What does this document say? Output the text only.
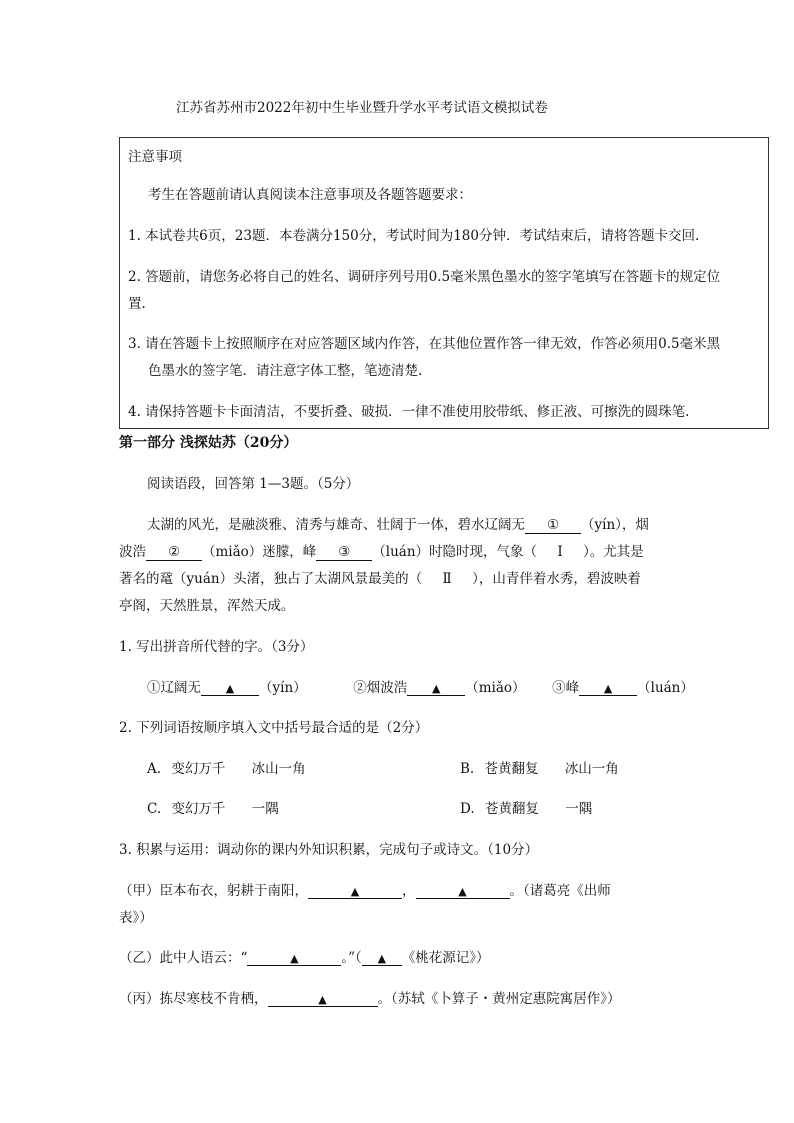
江苏省苏州市2022年初中生毕业暨升学水平考试语文模拟试卷
注意事项
考生在答题前请认真阅读本注意事项及各题答题要求：
1. 本试卷共6页，23题．本卷满分150分，考试时间为180分钟．考试结束后，请将答题卡交回.
2. 答题前，请您务必将自己的姓名、调研序列号用0.5毫米黑色墨水的签字笔填写在答题卡的规定位
置.
3. 请在答题卡上按照顺序在对应答题区域内作答，在其他位置作答一律无效，作答必须用0.5毫米黑
色墨水的签字笔．请注意字体工整，笔迹清楚.
4. 请保持答题卡卡面清洁，不要折叠、破损．一律不准使用胶带纸、修正液、可擦洗的圆珠笔.
第一部分 浅探姑苏（20分）
阅读语段，回答第 1—3题。（5分）
太湖的风光，是融淡雅、清秀与雄奇、壮阔于一体，碧水辽阔无 ① （yín），烟
波浩 ② （miǎo）迷朦，峰 ③ （luán）时隐时现，气象（ Ⅰ ）。尤其是
著名的鼋（yuán）头渚，独占了太湖风景最美的（ Ⅱ ），山青伴着水秀，碧波映着
亭阁，天然胜景，浑然天成。
1. 写出拼音所代替的字。（3分）
①辽阔无 ▲ （yín）	②烟波浩 ▲ （miǎo） ③峰 ▲ （luán）
2. 下列词语按顺序填入文中括号最合适的是（2分）
A. 变幻万千 冰山一角	B. 苍黄翻复 冰山一角
C. 变幻万千 一隅	D. 苍黄翻复 一隅
3. 积累与运用：调动你的课内外知识积累，完成句子或诗文。（10分）
（甲）臣本布衣，躬耕于南阳，	▲	，	▲	。（诸葛亮《出师
表》）
（乙）此中人语云：“	▲	。”（ ▲ 《桃花源记》）
（丙）拣尽寒枝不肯栖，	▲	。（苏轼《卜算子・黄州定惠院寓居作》）
